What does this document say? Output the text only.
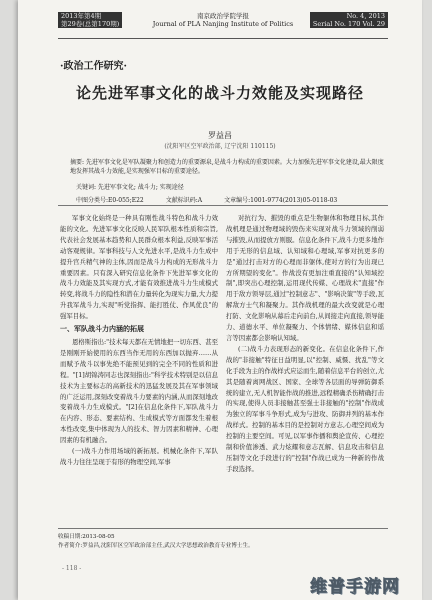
2013年第4期
第29卷(总第170期)
南京政治学院学报
Journal of PLA Nanjing Institute of Politics
No. 4, 2013
Serial No. 170 Vol. 29
·政治工作研究·
论先进军事文化的战斗力效能及实现路径
罗益昌
(沈阳军区空军政治部, 辽宁沈阳 110115)
摘要: 先进军事文化是军队凝聚力和创造力的重要源泉,是战斗力构成的重要因素。大力加强先进军事文化建设,最大限度地发挥其战斗力效能,是实现强军目标的重要途径。
关键词: 先进军事文化; 战斗力; 实现途径
中图分类号:E0-055;E22	文献标识码:A	文章编号:1001-9774(2013)05-0118-03

军事文化始终是一种具有刚性战斗特色和战斗力效能的文化。先进军事文化反映人民军队根本性质和宗旨,代表社会发展基本趋势和人民群众根本利益,反映军事活动客观规律。军事科技与人文先进水平,是战斗力生成中提升官兵精气神的主体,因而是战斗力构成的无形战斗力重要因素。只有深入研究信息化条件下先进军事文化的战斗力效能及其实现方式,才能有效推进战斗力生成模式转变,将战斗力的隐性和潜在力量转化为现实力量,大力提升我军战斗力,实现"听党指挥、能打胜仗、作风优良"的强军目标。

一、军队战斗力内涵的拓展

恩格斯指出:"技术每天都在无情地把一切东西、甚至是刚刚开始使用的东西当作无用的东西加以抛弃……从而赋予战斗以事先绝不能预见到的完全不同的性质和进程。"[1]胡锦涛同志也深刻指出:"科学技术特别是以信息技术为主要标志的高新技术的迅猛发展及其在军事领域的广泛运用,深刻改变着战斗力要素的内涵,从而深刻地改变着战斗力生成模式。"[2]在信息化条件下,军队战斗力在内容、形态、要素结构、生成模式等方面都发生着根本性改变,集中体现为人的技术、智力因素和精神、心理因素的有机融合。

(一)战斗力作用场域的新拓展。机械化条件下,军队战斗力往往呈现于有形的物理空间,军事

对抗行为、摧毁的重点是生物躯体和物理目标,其作战机理是通过物理域的毁伤来实现对战斗力领域的削弱与摧毁,从而提放方则服。信息化条件下,战斗力更多地作用于无形的信息域、认知域和心理域,军事对抗更多的是"通过打击对方的心理而非躯体,使对方的行为出现已方所期望的变化"。作战没有更加注重直接的"认知域控制",即突出心理控制,运用现代传媒、心理战术"直接"作用于敌方领导层,通过"控制意志"、"影响决策"等手段,瓦解敌方士气和凝聚力。其作战机理的最大改变就是心理打防、文化影响从幕后走向前台,从间接走向直接,领导能力、道德水平、单位凝聚力、个体情绪、媒体信息和谣言等因素都会影响认知域。

(二)战斗力表现形态的新变化。在信息化条件下,作战的"非接触"特征日益明显,以"控制、威慑、扰乱"等文化手段为主的作战样式应运而生,随着信息平台的创立,尤其是随着离网战区、国家、全球等各层面的导弹防御系统的建立,无人机智能作战的推进,远程精确杀伤精确打击的实现,使得人员非接触甚至强士非接触的"控制"作战成为独立的军事斗争形式,成为与进攻、防御并列的基本作战样式。控制的基本目的是控制对方意志,心理空间成为控制的主要空间。可见,以军事作播和舆论宣传、心理控制和价值渗透、武力炫耀和意志瓦解、信息攻击和信息压制等文化手段进行的"控制"作战已成为一种新的作战手段选择。

收稿日期:2013-08-05
作者简介:罗益昌,沈阳军区空军政治部主任,武汉大学思想政治教育专业博士生。
- 118 -
维普手游网
